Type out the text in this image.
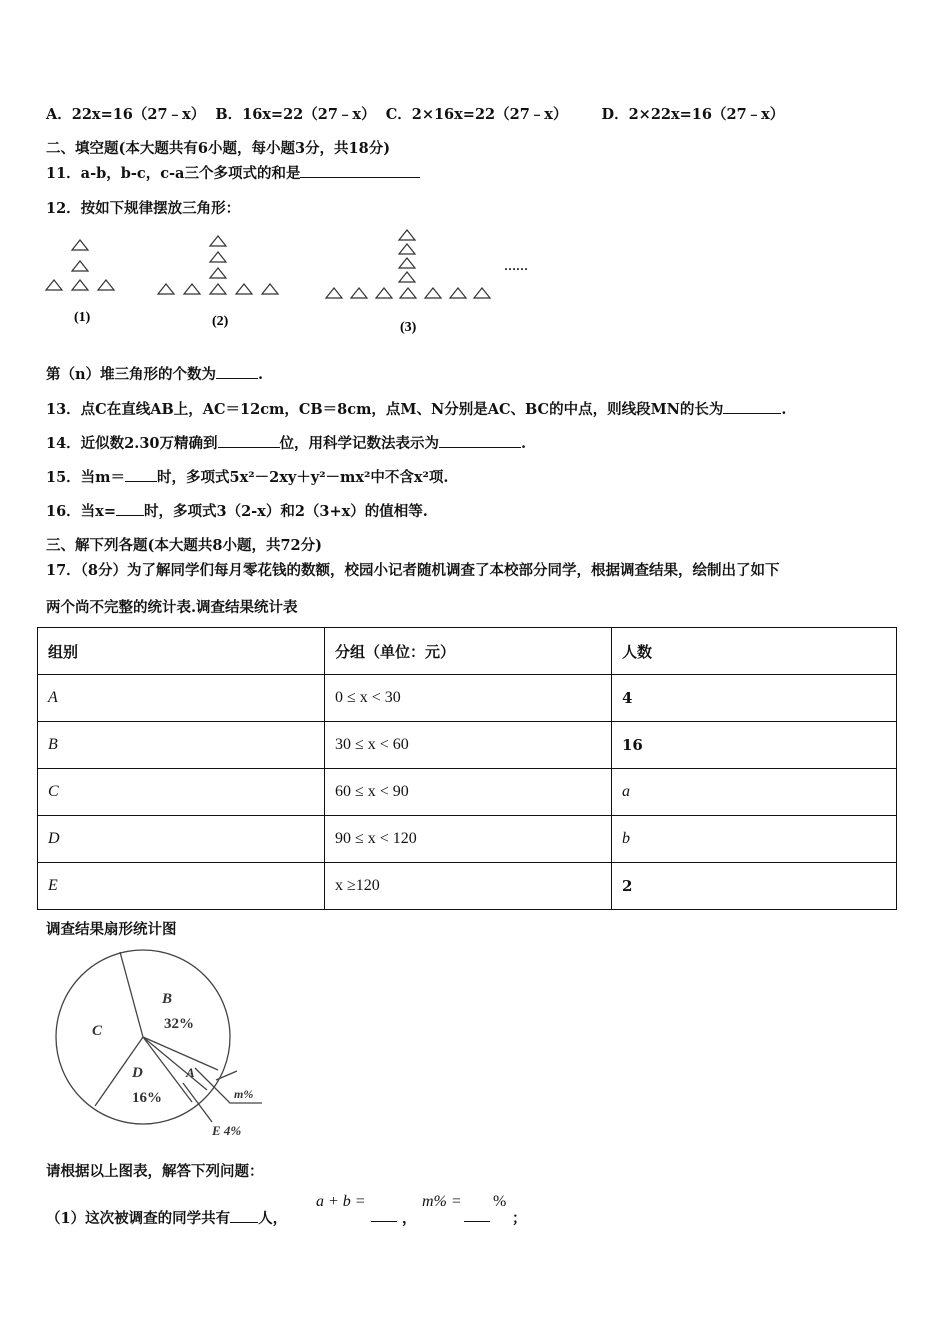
A．22x=16（27﹣x） B．16x=22（27﹣x） C．2×16x=22（27﹣x）   D．2×22x=16（27﹣x）
二、填空题(本大题共有6小题，每小题3分，共18分)
11．a-b，b-c，c-a三个多项式的和是
12．按如下规律摆放三角形：
(1)	(2)	(3)
……
第（n）堆三角形的个数为	.
13．点C在直线AB上，AC＝12cm，CB＝8cm，点M、N分别是AC、BC的中点，则线段MN的长为	.
14．近似数2.30万精确到	位，用科学记数法表示为	.
15．当m＝ 时，多项式5x²－2xy＋y²－mx²中不含x²项.
16．当x= 时，多项式3（2-x）和2（3+x）的值相等.
三、解下列各题(本大题共8小题，共72分)
17．（8分）为了解同学们每月零花钱的数额，校园小记者随机调查了本校部分同学，根据调查结果，绘制出了如下
两个尚不完整的统计表.调查结果统计表
组别	分组（单位：元）	人数
A	0 ≤ x < 30	4
B	30 ≤ x < 60	16
C	60 ≤ x < 90	a
D	90 ≤ x < 120	b
E	x ≥120	2
调查结果扇形统计图
B
32%
C
D
16%
A
m%
E 4%
请根据以上图表，解答下列问题：
（1）这次被调查的同学共有 人，
a + b =
，
m% = %
；
